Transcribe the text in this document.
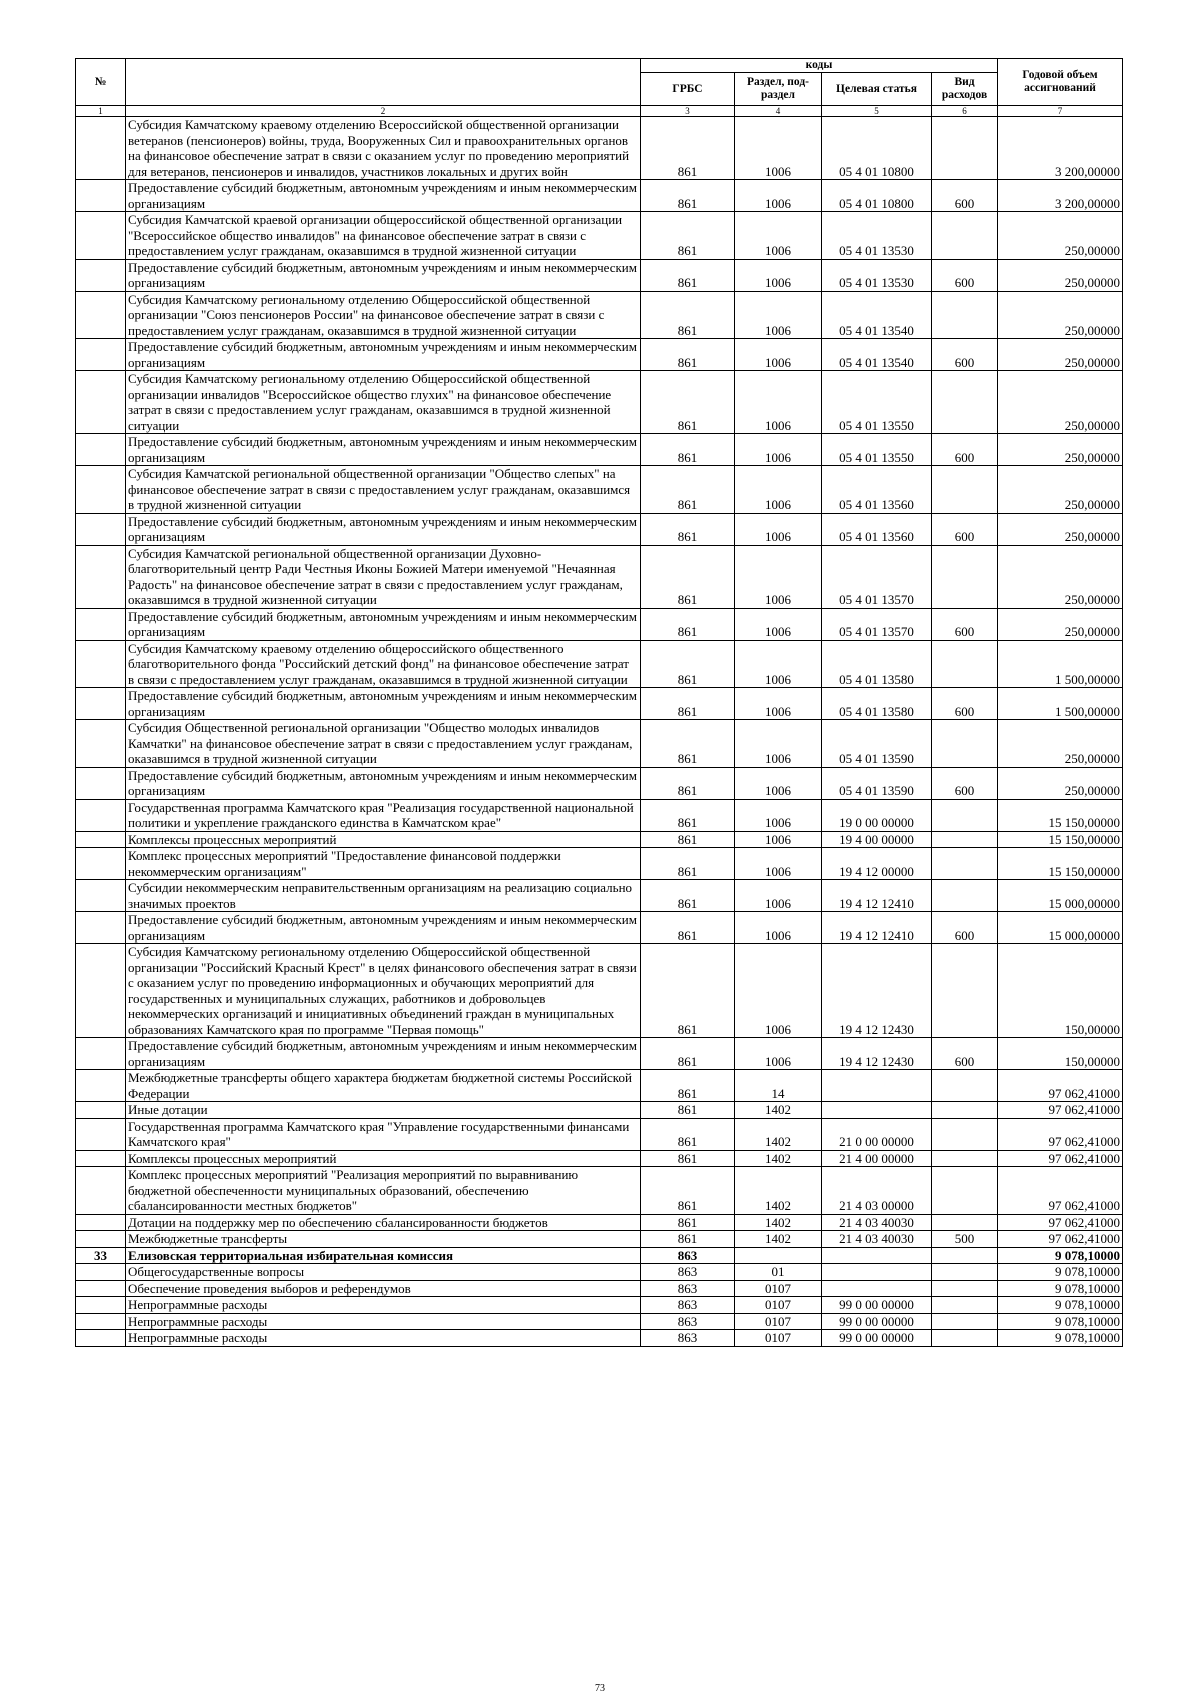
№		коды				Годовой объем ассигнований
		ГРБС	Раздел, под-раздел	Целевая статья	Вид расходов	
1	2	3	4	5	6	7
	Субсидия Камчатскому краевому отделению Всероссийской общественной организации ветеранов (пенсионеров) войны, труда, Вооруженных Сил и правоохранительных органов на финансовое обеспечение затрат в связи с оказанием услуг по проведению мероприятий для ветеранов, пенсионеров и инвалидов, участников локальных и других войн	861	1006	05 4 01 10800		3 200,00000
	Предоставление субсидий бюджетным, автономным учреждениям и иным некоммерческим организациям	861	1006	05 4 01 10800	600	3 200,00000
	Субсидия Камчатской краевой организации общероссийской общественной организации "Всероссийское общество инвалидов" на финансовое обеспечение затрат в связи с предоставлением услуг гражданам, оказавшимся в трудной жизненной ситуации	861	1006	05 4 01 13530		250,00000
	Предоставление субсидий бюджетным, автономным учреждениям и иным некоммерческим организациям	861	1006	05 4 01 13530	600	250,00000
	Субсидия Камчатскому региональному отделению Общероссийской общественной организации "Союз пенсионеров России" на финансовое обеспечение затрат в связи с предоставлением услуг гражданам, оказавшимся в трудной жизненной ситуации	861	1006	05 4 01 13540		250,00000
	Предоставление субсидий бюджетным, автономным учреждениям и иным некоммерческим организациям	861	1006	05 4 01 13540	600	250,00000
	Субсидия Камчатскому региональному отделению Общероссийской общественной организации инвалидов "Всероссийское общество глухих" на финансовое обеспечение затрат в связи с предоставлением услуг гражданам, оказавшимся в трудной жизненной ситуации	861	1006	05 4 01 13550		250,00000
	Предоставление субсидий бюджетным, автономным учреждениям и иным некоммерческим организациям	861	1006	05 4 01 13550	600	250,00000
	Субсидия Камчатской региональной общественной организации "Общество слепых" на финансовое обеспечение затрат в связи с предоставлением услуг гражданам, оказавшимся в трудной жизненной ситуации	861	1006	05 4 01 13560		250,00000
	Предоставление субсидий бюджетным, автономным учреждениям и иным некоммерческим организациям	861	1006	05 4 01 13560	600	250,00000
	Субсидия Камчатской региональной общественной организации Духовно-благотворительный центр Ради Честныя Иконы Божией Матери именуемой "Нечаянная Радость" на финансовое обеспечение затрат в связи с предоставлением услуг гражданам, оказавшимся в трудной жизненной ситуации	861	1006	05 4 01 13570		250,00000
	Предоставление субсидий бюджетным, автономным учреждениям и иным некоммерческим организациям	861	1006	05 4 01 13570	600	250,00000
	Субсидия Камчатскому краевому отделению общероссийского общественного благотворительного фонда "Российский детский фонд" на финансовое обеспечение затрат в связи с предоставлением услуг гражданам, оказавшимся в трудной жизненной ситуации	861	1006	05 4 01 13580		1 500,00000
	Предоставление субсидий бюджетным, автономным учреждениям и иным некоммерческим организациям	861	1006	05 4 01 13580	600	1 500,00000
	Субсидия Общественной региональной организации "Общество молодых инвалидов Камчатки" на финансовое обеспечение затрат в связи с предоставлением услуг гражданам, оказавшимся в трудной жизненной ситуации	861	1006	05 4 01 13590		250,00000
	Предоставление субсидий бюджетным, автономным учреждениям и иным некоммерческим организациям	861	1006	05 4 01 13590	600	250,00000
	Государственная программа Камчатского края "Реализация государственной национальной политики и укрепление гражданского единства в Камчатском крае"	861	1006	19 0 00 00000		15 150,00000
	Комплексы процессных мероприятий	861	1006	19 4 00 00000		15 150,00000
	Комплекс процессных мероприятий "Предоставление финансовой поддержки некоммерческим организациям"	861	1006	19 4 12 00000		15 150,00000
	Субсидии некоммерческим неправительственным организациям на реализацию социально значимых проектов	861	1006	19 4 12 12410		15 000,00000
	Предоставление субсидий бюджетным, автономным учреждениям и иным некоммерческим организациям	861	1006	19 4 12 12410	600	15 000,00000
	Субсидия Камчатскому региональному отделению Общероссийской общественной организации "Российский Красный Крест" в целях финансового обеспечения затрат в связи с оказанием услуг по проведению информационных и обучающих мероприятий для государственных и муниципальных служащих, работников и добровольцев некоммерческих организаций и инициативных объединений граждан в муниципальных образованиях Камчатского края по программе "Первая помощь"	861	1006	19 4 12 12430		150,00000
	Предоставление субсидий бюджетным, автономным учреждениям и иным некоммерческим организациям	861	1006	19 4 12 12430	600	150,00000
	Межбюджетные трансферты общего характера бюджетам бюджетной системы Российской Федерации	861	14			97 062,41000
	Иные дотации	861	1402			97 062,41000
	Государственная программа Камчатского края "Управление государственными финансами Камчатского края"	861	1402	21 0 00 00000		97 062,41000
	Комплексы процессных мероприятий	861	1402	21 4 00 00000		97 062,41000
	Комплекс процессных мероприятий "Реализация мероприятий по выравниванию бюджетной обеспеченности муниципальных образований, обеспечению сбалансированности местных бюджетов"	861	1402	21 4 03 00000		97 062,41000
	Дотации на поддержку мер по обеспечению сбалансированности бюджетов	861	1402	21 4 03 40030		97 062,41000
	Межбюджетные трансферты	861	1402	21 4 03 40030	500	97 062,41000
33	Елизовская территориальная избирательная комиссия	863				9 078,10000
	Общегосударственные вопросы	863	01			9 078,10000
	Обеспечение проведения выборов и референдумов	863	0107			9 078,10000
	Непрограммные расходы	863	0107	99 0 00 00000		9 078,10000
	Непрограммные расходы	863	0107	99 0 00 00000		9 078,10000
	Непрограммные расходы	863	0107	99 0 00 00000		9 078,10000
73
